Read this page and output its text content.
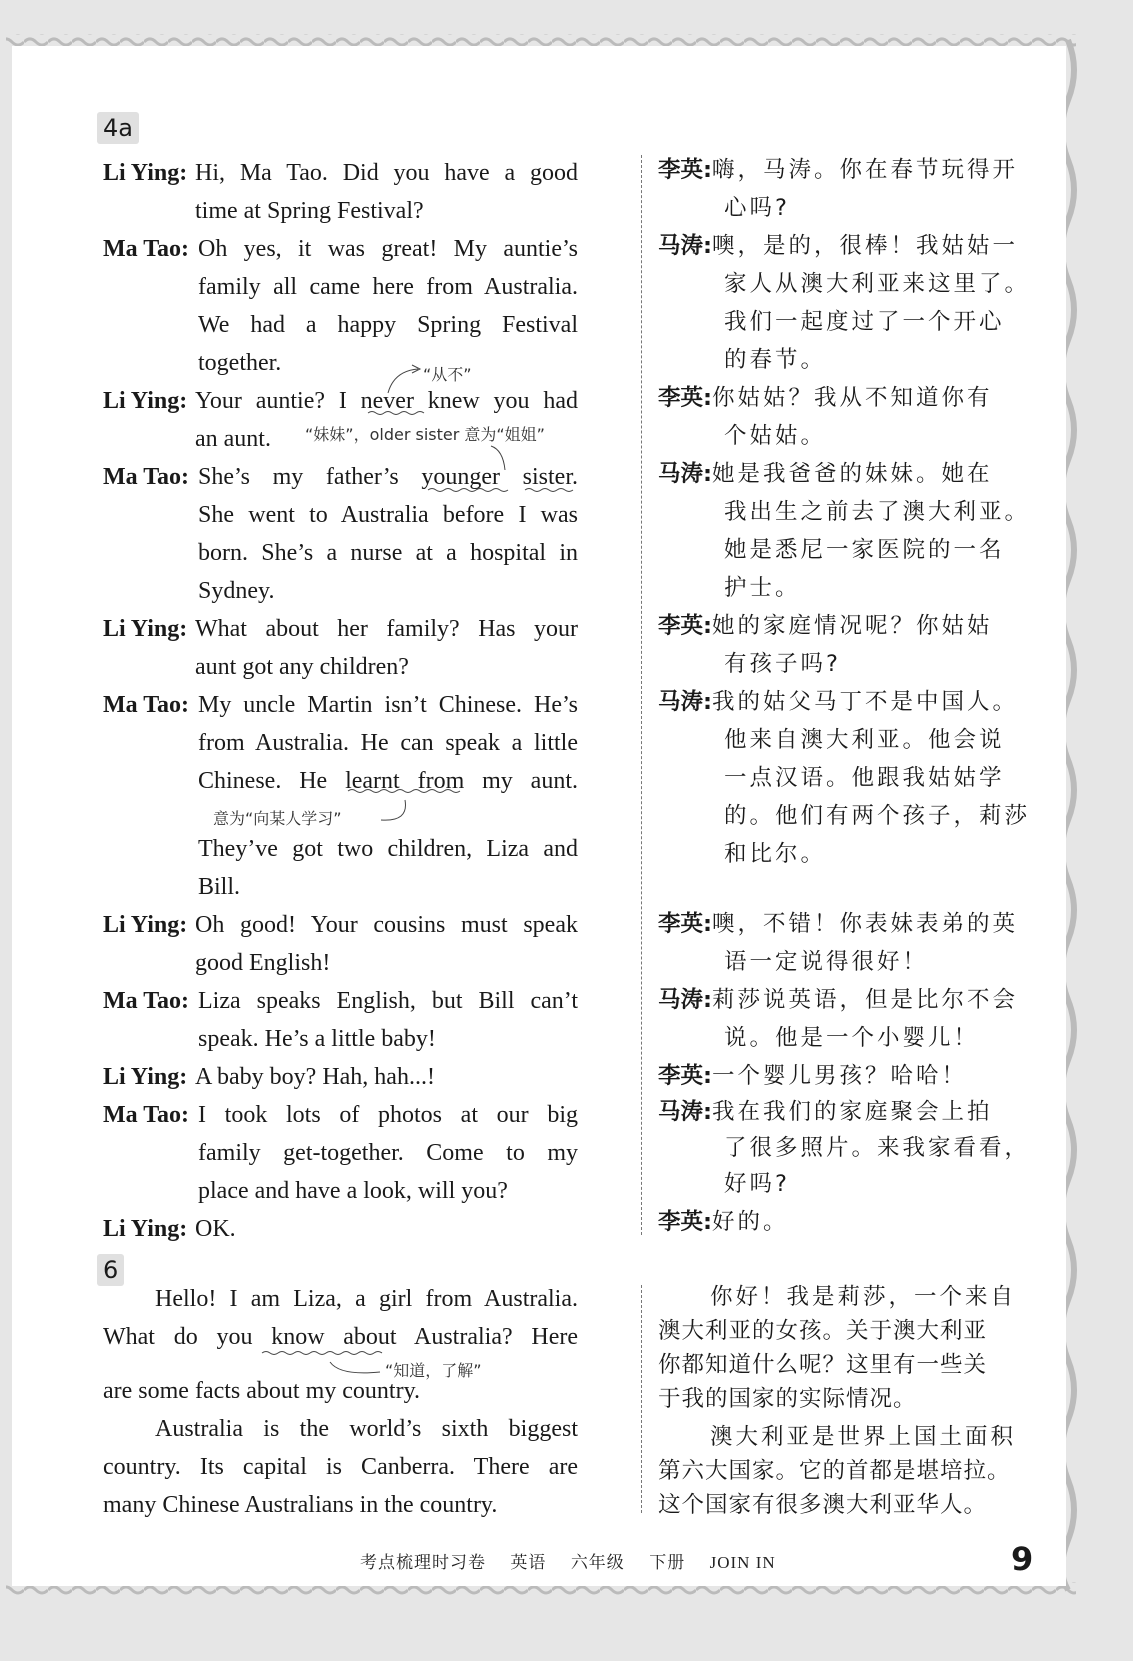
4a
Li Ying: Hi, Ma Tao. Did you have a good
time at Spring Festival?
Ma Tao: Oh yes, it was great! My auntie’s
family all came here from Australia.
We had a happy Spring Festival
together.
Li Ying: Your auntie? I never knew you had
an aunt.
Ma Tao: She’s my father’s younger sister.
She went to Australia before I was
born. She’s a nurse at a hospital in
Sydney.
Li Ying: What about her family? Has your
aunt got any children?
Ma Tao: My uncle Martin isn’t Chinese. He’s
from Australia. He can speak a little
Chinese. He learnt from my aunt.
They’ve got two children, Liza and
Bill.
Li Ying: Oh good! Your cousins must speak
good English!
Ma Tao: Liza speaks English, but Bill can’t
speak. He’s a little baby!
Li Ying: A baby boy? Hah, hah...!
Ma Tao: I took lots of photos at our big
family get-together. Come to my
place and have a look, will you?
Li Ying: OK.
“从不”
“妹妹”，older sister 意为“姐姐”
意为“向某人学习”
“知道，了解”
李英:嗨，马涛。你在春节玩得开
心吗?
马涛:噢，是的，很棒！我姑姑一
家人从澳大利亚来这里了。
我们一起度过了一个开心
的春节。
李英:你姑姑？我从不知道你有
个姑姑。
马涛:她是我爸爸的妹妹。她在
我出生之前去了澳大利亚。
她是悉尼一家医院的一名
护士。
李英:她的家庭情况呢？你姑姑
有孩子吗?
马涛:我的姑父马丁不是中国人。
他来自澳大利亚。他会说
一点汉语。他跟我姑姑学
的。他们有两个孩子，莉莎
和比尔。
李英:噢，不错！你表妹表弟的英
语一定说得很好！
马涛:莉莎说英语，但是比尔不会
说。他是一个小婴儿！
李英:一个婴儿男孩？哈哈！
马涛:我在我们的家庭聚会上拍
了很多照片。来我家看看，
好吗?
李英:好的。
6
Hello! I am Liza, a girl from Australia.
What do you know about Australia? Here
are some facts about my country.
Australia is the world’s sixth biggest
country. Its capital is Canberra. There are
many Chinese Australians in the country.
你好！我是莉莎，一个来自
澳大利亚的女孩。关于澳大利亚
你都知道什么呢？这里有一些关
于我的国家的实际情况。
澳大利亚是世界上国土面积
第六大国家。它的首都是堪培拉。
这个国家有很多澳大利亚华人。
考点梳理时习卷 英语 六年级 下册 JOIN IN	9
